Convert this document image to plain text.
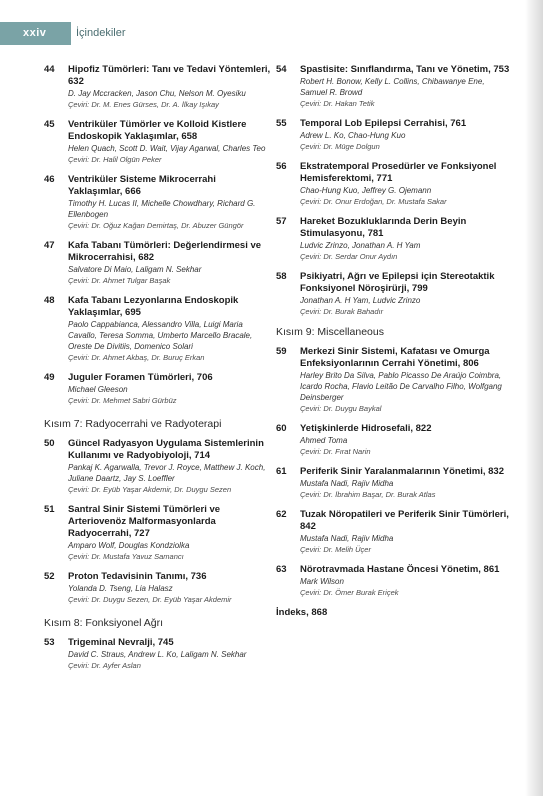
xxiv	İçindekiler
44 Hipofiz Tümörleri: Tanı ve Tedavi Yöntemleri, 632
D. Jay Mccracken, Jason Chu, Nelson M. Oyesiku
Çeviri: Dr. M. Enes Gürses, Dr. A. İlkay Işıkay
45 Ventriküler Tümörler ve Kolloid Kistlere Endoskopik Yaklaşımlar, 658
Helen Quach, Scott D. Wait, Vijay Agarwal, Charles Teo
Çeviri: Dr. Halil Olgün Peker
46 Ventriküler Sisteme Mikrocerrahi Yaklaşımlar, 666
Timothy H. Lucas II, Michelle Chowdhary, Richard G. Ellenbogen
Çeviri: Dr. Oğuz Kağan Demirtaş, Dr. Abuzer Güngör
47 Kafa Tabanı Tümörleri: Değerlendirmesi ve Mikrocerrahisi, 682
Salvatore Di Maio, Laligam N. Sekhar
Çeviri: Dr. Ahmet Tulgar Başak
48 Kafa Tabanı Lezyonlarına Endoskopik Yaklaşımlar, 695
Paolo Cappabianca, Alessandro Villa, Luigi Maria Cavallo, Teresa Somma, Umberto Marcello Bracale, Oreste De Divitiis, Domenico Solari
Çeviri: Dr. Ahmet Akbaş, Dr. Buruç Erkan
49 Juguler Foramen Tümörleri, 706
Michael Gleeson
Çeviri: Dr. Mehmet Sabri Gürbüz
Kısım 7: Radyocerrahi ve Radyoterapi
50 Güncel Radyasyon Uygulama Sistemlerinin Kullanımı ve Radyobiyoloji, 714
Pankaj K. Agarwalla, Trevor J. Royce, Matthew J. Koch, Juliane Daartz, Jay S. Loeffler
Çeviri: Dr. Eyüb Yaşar Akdemir, Dr. Duygu Sezen
51 Santral Sinir Sistemi Tümörleri ve Arteriovenöz Malformasyonlarda Radyocerrahi, 727
Amparo Wolf, Douglas Kondziolka
Çeviri: Dr. Mustafa Yavuz Samancı
52 Proton Tedavisinin Tanımı, 736
Yolanda D. Tseng, Lia Halasz
Çeviri: Dr. Duygu Sezen, Dr. Eyüb Yaşar Akdemir
Kısım 8: Fonksiyonel Ağrı
53 Trigeminal Nevralji, 745
David C. Straus, Andrew L. Ko, Laligam N. Sekhar
Çeviri: Dr. Ayfer Aslan
54 Spastisite: Sınıflandırma, Tanı ve Yönetim, 753
Robert H. Bonow, Kelly L. Collins, Chibawanye Ene, Samuel R. Browd
Çeviri: Dr. Hakan Tetik
55 Temporal Lob Epilepsi Cerrahisi, 761
Adrew L. Ko, Chao-Hung Kuo
Çeviri: Dr. Müge Dolgun
56 Ekstratemporal Prosedürler ve Fonksiyonel Hemisferektomi, 771
Chao-Hung Kuo, Jeffrey G. Ojemann
Çeviri: Dr. Onur Erdoğan, Dr. Mustafa Sakar
57 Hareket Bozukluklarında Derin Beyin Stimulasyonu, 781
Ludvic Zrinzo, Jonathan A. H Yam
Çeviri: Dr. Serdar Onur Aydın
58 Psikiyatri, Ağrı ve Epilepsi için Stereotaktik Fonksiyonel Nöroşirürji, 799
Jonathan A. H Yam, Ludvic Zrinzo
Çeviri: Dr. Burak Bahadır
Kısım 9: Miscellaneous
59 Merkezi Sinir Sistemi, Kafatası ve Omurga Enfeksiyonlarının Cerrahi Yönetimi, 806
Harley Brito Da Silva, Pablo Picasso De Araújo Coimbra, Icardo Rocha, Flavio Leitão De Carvalho Filho, Wolfgang Deinsberger
Çeviri: Dr. Duygu Baykal
60 Yetişkinlerde Hidrosefali, 822
Ahmed Toma
Çeviri: Dr. Fırat Narin
61 Periferik Sinir Yaralanmalarının Yönetimi, 832
Mustafa Nadi, Rajiv Midha
Çeviri: Dr. İbrahim Başar, Dr. Burak Atlas
62 Tuzak Nöropatileri ve Periferik Sinir Tümörleri, 842
Mustafa Nadi, Rajiv Midha
Çeviri: Dr. Melih Üçer
63 Nörotravmada Hastane Öncesi Yönetim, 861
Mark Wilson
Çeviri: Dr. Ömer Burak Eriçek
İndeks, 868
